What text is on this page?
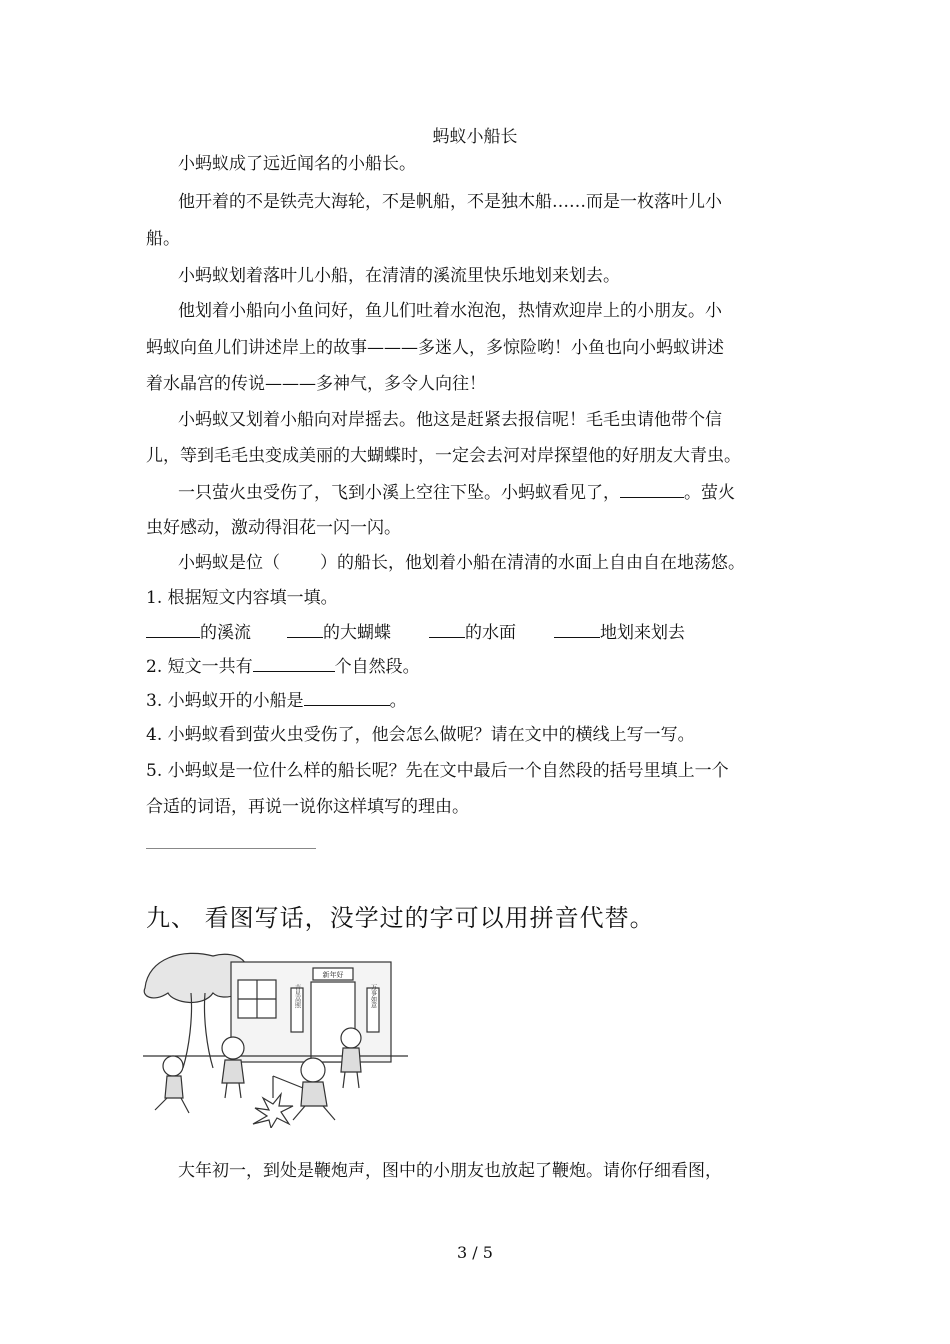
蚂蚁小船长
小蚂蚁成了远近闻名的小船长。
他开着的不是铁壳大海轮，不是帆船，不是独木船……而是一枚落叶儿小
船。
小蚂蚁划着落叶儿小船，在清清的溪流里快乐地划来划去。
他划着小船向小鱼问好，鱼儿们吐着水泡泡，热情欢迎岸上的小朋友。小
蚂蚁向鱼儿们讲述岸上的故事———多迷人，多惊险哟！小鱼也向小蚂蚁讲述
着水晶宫的传说———多神气，多令人向往！
小蚂蚁又划着小船向对岸摇去。他这是赶紧去报信呢！毛毛虫请他带个信
儿，等到毛毛虫变成美丽的大蝴蝶时，一定会去河对岸探望他的好朋友大青虫。
一只萤火虫受伤了，飞到小溪上空往下坠。小蚂蚁看见了，	。萤火
虫好感动，激动得泪花一闪一闪。
小蚂蚁是位（ ）的船长，他划着小船在清清的水面上自由自在地荡悠。
1. 根据短文内容填一填。
的溪流	的大蝴蝶	的水面	地划来划去
2. 短文一共有	个自然段。
3. 小蚂蚁开的小船是	。
4. 小蚂蚁看到萤火虫受伤了，他会怎么做呢？请在文中的横线上写一写。
5. 小蚂蚁是一位什么样的船长呢？先在文中最后一个自然段的括号里填上一个
合适的词语，再说一说你这样填写的理由。
九、 看图写话，没学过的字可以用拼音代替。
新年好
吉星高照	万事如意
大年初一，到处是鞭炮声，图中的小朋友也放起了鞭炮。请你仔细看图，
3 / 5
